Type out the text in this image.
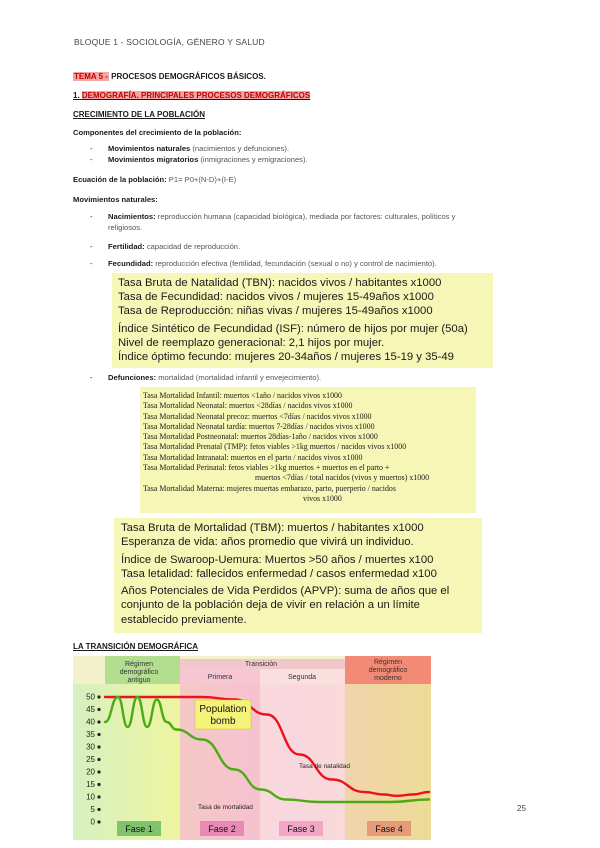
BLOQUE 1 - SOCIOLOGÍA, GÉNERO Y SALUD
TEMA 5 - PROCESOS DEMOGRÁFICOS BÁSICOS.
1. DEMOGRAFÍA. PRINCIPALES PROCESOS DEMOGRÁFICOS
CRECIMIENTO DE LA POBLACIÓN
Componentes del crecimiento de la población:
- Movimientos naturales (nacimientos y defunciones).
- Movimientos migratorios (inmigraciones y emigraciones).
Ecuación de la población: P1= P0+(N-D)+(I-E)
Movimientos naturales:
- Nacimientos: reproducción humana (capacidad biológica), mediada por factores: culturales, políticos y
religiosos.
- Fertilidad: capacidad de reproducción.
- Fecundidad: reproducción efectiva (fertilidad, fecundación (sexual o no) y control de nacimiento).
Tasa Bruta de Natalidad (TBN): nacidos vivos / habitantes x1000
Tasa de Fecundidad: nacidos vivos / mujeres 15-49años x1000
Tasa de Reproducción: niñas vivas / mujeres 15-49años x1000
Índice Sintético de Fecundidad (ISF): número de hijos por mujer (50a)
Nivel de reemplazo generacional: 2,1 hijos por mujer.
Índice óptimo fecundo: mujeres 20-34años / mujeres 15-19 y 35-49
- Defunciones: mortalidad (mortalidad infantil y envejecimiento).
Tasa Mortalidad Infantil: muertos <1año / nacidos vivos x1000
Tasa Mortalidad Neonatal: muertos <28días / nacidos vivos x1000
Tasa Mortalidad Neonatal precoz: muertos <7días / nacidos vivos x1000
Tasa Mortalidad Neonatal tardía: muertos 7-28días / nacidos vivos x1000
Tasa Mortalidad Postneonatal: muertos 28días-1año / nacidos vivos x1000
Tasa Mortalidad Prenatal (TMP): fetos viables >1kg muertos / nacidos vivos x1000
Tasa Mortalidad Intranatal: muertos en el parto / nacidos vivos x1000
Tasa Mortalidad Perinatal: fetos viables >1kg muertos + muertos en el parto +
muertos <7días / total nacidos (vivos y muertos) x1000
Tasa Mortalidad Materna: mujeres muertas embarazo, parto, puerperio / nacidos
vivos x1000
Tasa Bruta de Mortalidad (TBM): muertos / habitantes x1000
Esperanza de vida: años promedio que vivirá un individuo.
Índice de Swaroop-Uemura: Muertos >50 años / muertes x100
Tasa letalidad: fallecidos enfermedad / casos enfermedad x100
Años Potenciales de Vida Perdidos (APVP): suma de años que el
conjunto de la población deja de vivir en relación a un límite
establecido previamente.
LA TRANSICIÓN DEMOGRÁFICA
Régimen
demográfico
antiguo
Transición
Primera	Segunda
Régimen
demográfico
moderno
0
5
10
15
20
25
30
35
40
45
50
Population
bomb
Tasa de natalidad
Tasa de mortalidad
Fase 1	Fase 2	Fase 3	Fase 4
25
